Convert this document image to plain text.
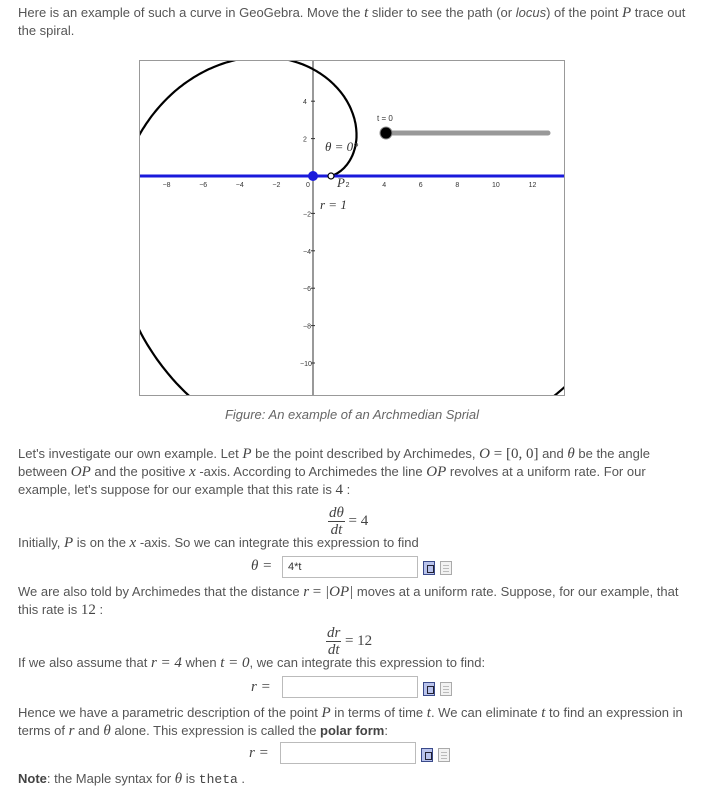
Here is an example of such a curve in GeoGebra. Move the t slider to see the path (or locus) of the point P trace out
the spiral.
−8	−6	−4	−2	0	2	4	6	8	10	12
4
2
−2
−4
−6
−8
−10
t = 0
θ = 0°
P
r = 1
Figure: An example of an Archmedian Sprial
Let's investigate our own example. Let P be the point described by Archimedes, O = [0, 0] and θ be the angle
between OP and the positive x -axis. According to Archimedes the line OP revolves at a uniform rate. For our
example, let's suppose for our example that this rate is 4 :
$\frac{d\theta}{dt} = 4$
Initially, P is on the x -axis. So we can integrate this expression to find
θ =	4*t
We are also told by Archimedes that the distance r = |OP| moves at a uniform rate. Suppose, for our example, that
this rate is 12 :
$\frac{dr}{dt} = 12$
If we also assume that r = 4 when t = 0, we can integrate this expression to find:
r =
Hence we have a parametric description of the point P in terms of time t. We can eliminate t to find an expression in
terms of r and θ alone. This expression is called the polar form:
r =
Note: the Maple syntax for θ is theta .
